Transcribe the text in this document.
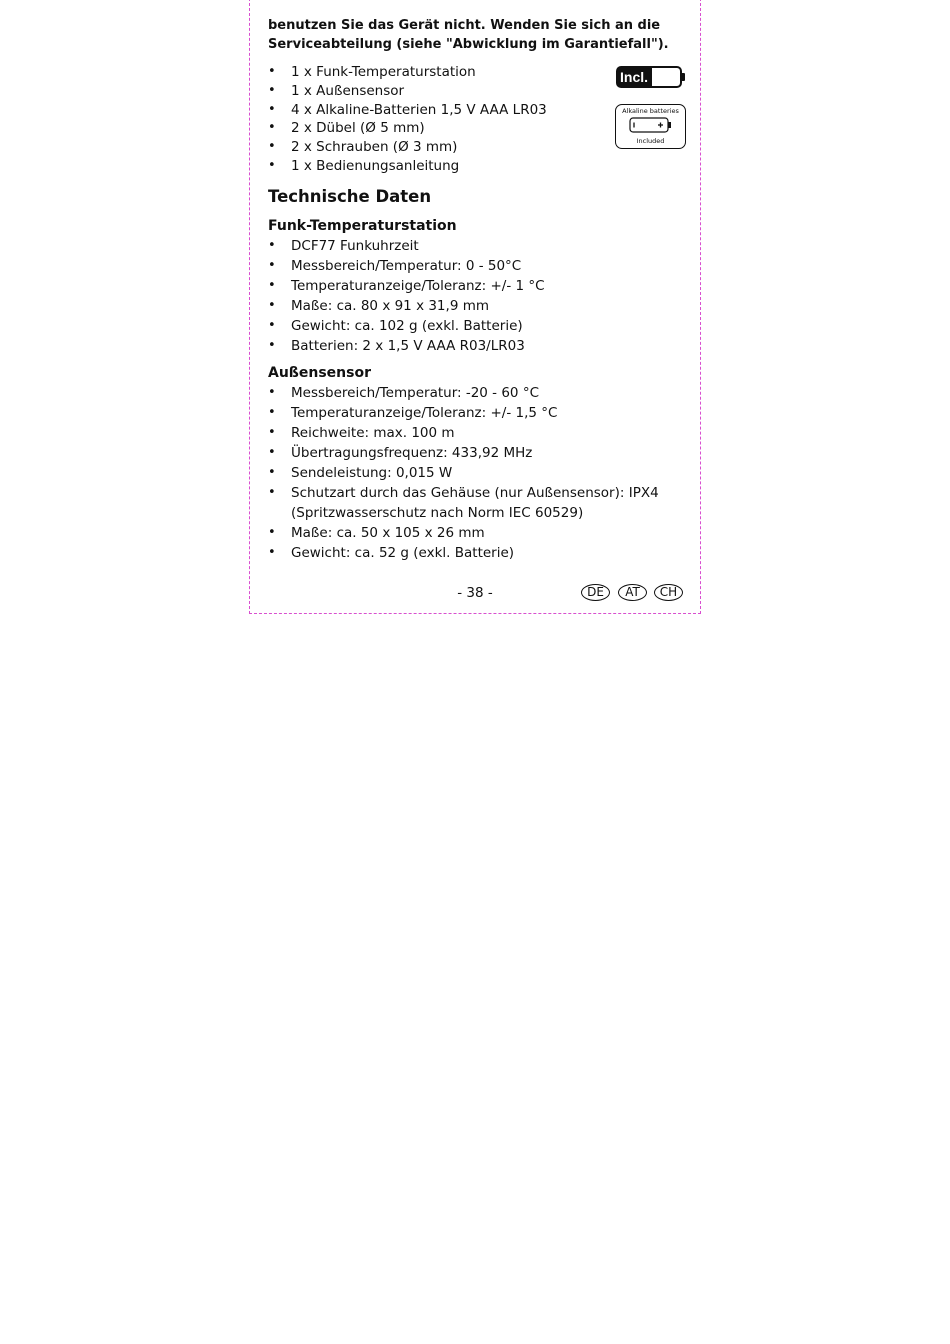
benutzen Sie das Gerät nicht. Wenden Sie sich an die Serviceabteilung (siehe "Abwicklung im Garantiefall").

• 1 x Funk-Temperaturstation
• 1 x Außensensor
• 4 x Alkaline-Batterien 1,5 V AAA LR03
• 2 x Dübel (Ø 5 mm)
• 2 x Schrauben (Ø 3 mm)
• 1 x Bedienungsanleitung
Technische Daten
Funk-Temperaturstation
• DCF77 Funkuhrzeit
• Messbereich/Temperatur: 0 - 50°C
• Temperaturanzeige/Toleranz: +/- 1 °C
• Maße: ca. 80 x 91 x 31,9 mm
• Gewicht: ca. 102 g (exkl. Batterie)
• Batterien: 2 x 1,5 V AAA R03/LR03
Außensensor
• Messbereich/Temperatur: -20 - 60 °C
• Temperaturanzeige/Toleranz: +/- 1,5 °C
• Reichweite: max. 100 m
• Übertragungsfrequenz: 433,92 MHz
• Sendeleistung: 0,015 W
• Schutzart durch das Gehäuse (nur Außensensor): IPX4 (Spritzwasserschutz nach Norm IEC 60529)
• Maße: ca. 50 x 105 x 26 mm
• Gewicht: ca. 52 g (exkl. Batterie)
Incl.
Alkaline batteries
Included
- 38 -	DE	AT	CH
